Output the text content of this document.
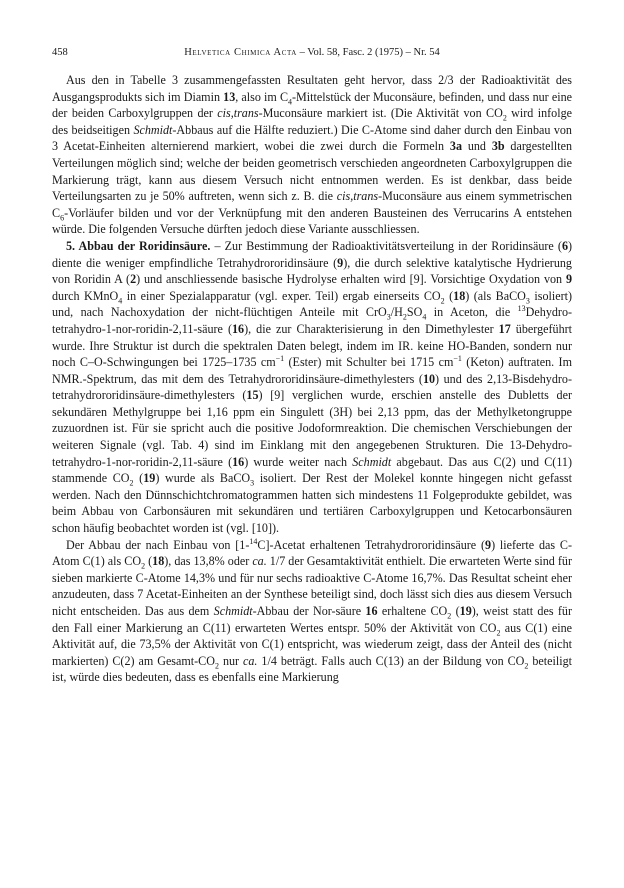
458	Helvetica Chimica Acta – Vol. 58, Fasc. 2 (1975) – Nr. 54

Aus den in Tabelle 3 zusammengefassten Resultaten geht hervor, dass 2/3 der Radioaktivität des Ausgangsprodukts sich im Diamin 13, also im $C_4$-Mittelstück der Muconsäure, befinden, und dass nur eine der beiden Carboxylgruppen der cis,trans-Muconsäure markiert ist. (Die Aktivität von $CO_2$ wird infolge des beidseitigen Schmidt-Abbaus auf die Hälfte reduziert.) Die C-Atome sind daher durch den Einbau von 3 Acetat-Einheiten alternierend markiert, wobei die zwei durch die Formeln 3a und 3b dargestellten Verteilungen möglich sind; welche der beiden geometrisch verschieden angeordneten Carboxylgruppen die Markierung trägt, kann aus diesem Versuch nicht entnommen werden. Es ist denkbar, dass beide Verteilungsarten zu je 50% auftreten, wenn sich z. B. die cis,trans-Muconsäure aus einem symmetrischen $C_6$-Vorläufer bilden und vor der Verknüpfung mit den anderen Bausteinen des Verrucarins A entstehen würde. Die folgenden Versuche dürften jedoch diese Variante ausschliessen.

5. Abbau der Roridinsäure. – Zur Bestimmung der Radioaktivitätsverteilung in der Roridinsäure (6) diente die weniger empfindliche Tetrahydrororidinsäure (9), die durch selektive katalytische Hydrierung von Roridin A (2) und anschliessende basische Hydrolyse erhalten wird [9]. Vorsichtige Oxydation von 9 durch KMnO$_4$ in einer Spezialapparatur (vgl. exper. Teil) ergab einerseits $CO_2$ (18) (als BaCO$_3$ isoliert) und, nach Nachoxydation der nicht-flüchtigen Anteile mit $CrO_3/H_2SO_4$ in Aceton, die $^{13}$Dehydro-tetrahydro-1-nor-roridin-2,11-säure (16), die zur Charakterisierung in den Dimethylester 17 übergeführt wurde. Ihre Struktur ist durch die spektralen Daten belegt, indem im IR. keine HO-Banden, sondern nur noch C–O-Schwingungen bei 1725–1735 $cm^{-1}$ (Ester) mit Schulter bei 1715 $cm^{-1}$ (Keton) auftraten. Im NMR.-Spektrum, das mit dem des Tetrahydrororidinsäure-dimethylesters (10) und des 2,13-Bisdehydro-tetrahydrororidinsäure-dimethylesters (15) [9] verglichen wurde, erschien anstelle des Dubletts der sekundären Methylgruppe bei 1,16 ppm ein Singulett (3H) bei 2,13 ppm, das der Methylketongruppe zuzuordnen ist. Für sie spricht auch die positive Jodoformreaktion. Die chemischen Verschiebungen der weiteren Signale (vgl. Tab. 4) sind im Einklang mit den angegebenen Strukturen. Die 13-Dehydro-tetrahydro-1-nor-roridin-2,11-säure (16) wurde weiter nach Schmidt abgebaut. Das aus C(2) und C(11) stammende $CO_2$ (19) wurde als BaCO$_3$ isoliert. Der Rest der Molekel konnte hingegen nicht gefasst werden. Nach den Dünnschichtchromatogrammen hatten sich mindestens 11 Folgeprodukte gebildet, was beim Abbau von Carbonsäuren mit sekundären und tertiären Carboxylgruppen und Ketocarbonsäuren schon häufig beobachtet worden ist (vgl. [10]).

Der Abbau der nach Einbau von [1-$^{14}$C]-Acetat erhaltenen Tetrahydrororidinsäure (9) lieferte das C-Atom C(1) als $CO_2$ (18), das 13,8% oder ca. 1/7 der Gesamtaktivität enthielt. Die erwarteten Werte sind für sieben markierte C-Atome 14,3% und für nur sechs radioaktive C-Atome 16,7%. Das Resultat scheint eher anzudeuten, dass 7 Acetat-Einheiten an der Synthese beteiligt sind, doch lässt sich dies aus diesem Versuch nicht entscheiden. Das aus dem Schmidt-Abbau der Nor-säure 16 erhaltene $CO_2$ (19), weist statt des für den Fall einer Markierung an C(11) erwarteten Wertes entspr. 50% der Aktivität von $CO_2$ aus C(1) eine Aktivität auf, die 73,5% der Aktivität von C(1) entspricht, was wiederum zeigt, dass der Anteil des (nicht markierten) C(2) am Gesamt-$CO_2$ nur ca. 1/4 beträgt. Falls auch C(13) an der Bildung von $CO_2$ beteiligt ist, würde dies bedeuten, dass es ebenfalls eine Markierung
